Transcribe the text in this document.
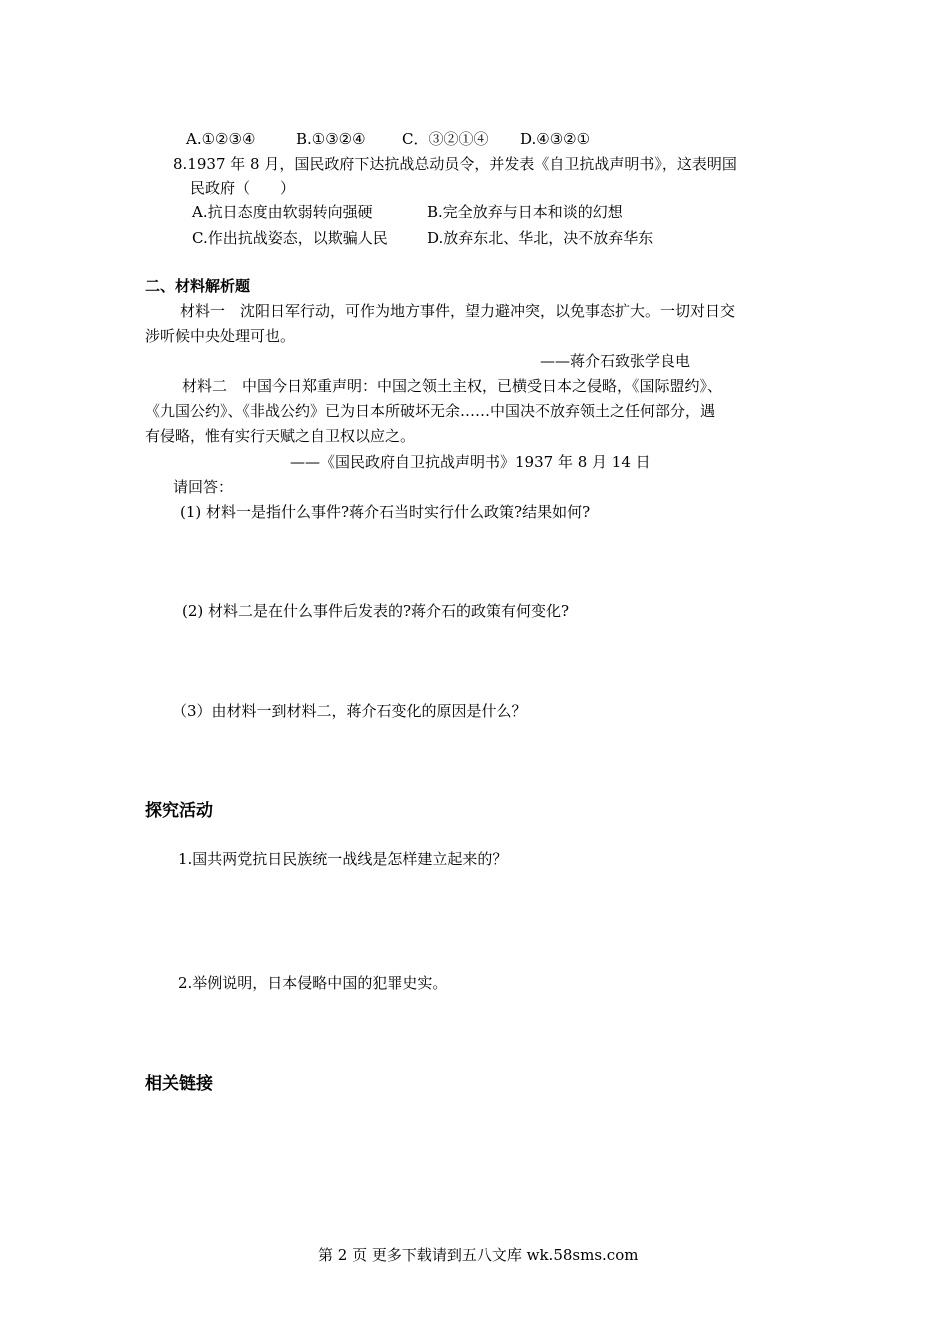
A.①②③④	B.①③②④ C．③②①④ D.④③②①
8.1937 年 8 月，国民政府下达抗战总动员令，并发表《自卫抗战声明书》，这表明国
民政府（　　）
A.抗日态度由软弱转向强硬	B.完全放弃与日本和谈的幻想
C.作出抗战姿态，以欺骗人民	D.放弃东北、华北，决不放弃华东
二、材料解析题
材料一　沈阳日军行动，可作为地方事件，望力避冲突，以免事态扩大。一切对日交
涉听候中央处理可也。
——蒋介石致张学良电
材料二　中国今日郑重声明：中国之领土主权，已横受日本之侵略，《国际盟约》、
《九国公约》、《非战公约》已为日本所破坏无余……中国决不放弃领土之任何部分，遇
有侵略，惟有实行天赋之自卫权以应之。
——《国民政府自卫抗战声明书》1937 年 8 月 14 日
请回答：
(1) 材料一是指什么事件?蒋介石当时实行什么政策?结果如何?
(2) 材料二是在什么事件后发表的?蒋介石的政策有何变化?
（3）由材料一到材料二，蒋介石变化的原因是什么？
探究活动
1.国共两党抗日民族统一战线是怎样建立起来的？
2.举例说明，日本侵略中国的犯罪史实。
相关链接
第 2 页 更多下载请到五八文库 wk.58sms.com
